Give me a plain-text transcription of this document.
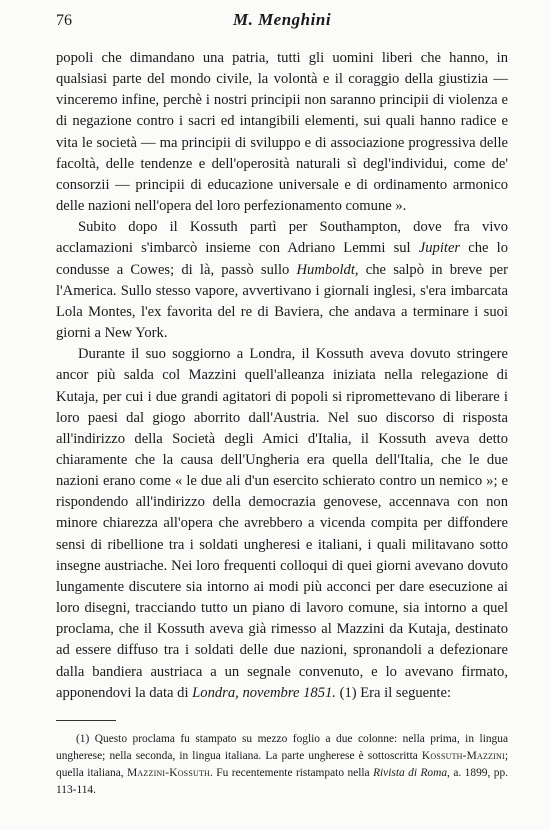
76	M. Menghini

popoli che dimandano una patria, tutti gli uomini liberi che hanno, in qualsiasi parte del mondo civile, la volontà e il coraggio della giustizia — vinceremo infine, perchè i nostri principii non saranno principii di violenza e di negazione contro i sacri ed intangibili elementi, sui quali hanno radice e vita le società — ma principii di sviluppo e di associazione progressiva delle facoltà, delle tendenze e dell'operosità naturali sì degl'individui, come de' consorzii — principii di educazione universale e di ordinamento armonico delle nazioni nell'opera del loro perfezionamento comune ».

Subito dopo il Kossuth partì per Southampton, dove fra vivo acclamazioni s'imbarcò insieme con Adriano Lemmi sul Jupiter che lo condusse a Cowes; di là, passò sullo Humboldt, che salpò in breve per l'America. Sullo stesso vapore, avvertivano i giornali inglesi, s'era imbarcata Lola Montes, l'ex favorita del re di Baviera, che andava a terminare i suoi giorni a New York.

Durante il suo soggiorno a Londra, il Kossuth aveva dovuto stringere ancor più salda col Mazzini quell'alleanza iniziata nella relegazione di Kutaja, per cui i due grandi agitatori di popoli si ripromettevano di liberare i loro paesi dal giogo aborrito dall'Austria. Nel suo discorso di risposta all'indirizzo della Società degli Amici d'Italia, il Kossuth aveva detto chiaramente che la causa dell'Ungheria era quella dell'Italia, che le due nazioni erano come « le due ali d'un esercito schierato contro un nemico »; e rispondendo all'indirizzo della democrazia genovese, accennava con non minore chiarezza all'opera che avrebbero a vicenda compita per diffondere sensi di ribellione tra i soldati ungheresi e italiani, i quali militavano sotto insegne austriache. Nei loro frequenti colloqui di quei giorni avevano dovuto lungamente discutere sia intorno ai modi più acconci per dare esecuzione ai loro disegni, tracciando tutto un piano di lavoro comune, sia intorno a quel proclama, che il Kossuth aveva già rimesso al Mazzini da Kutaja, destinato ad essere diffuso tra i soldati delle due nazioni, spronandoli a defezionare dalla bandiera austriaca a un segnale convenuto, e lo avevano firmato, apponendovi la data di Londra, novembre 1851. (1) Era il seguente:

(1) Questo proclama fu stampato su mezzo foglio a due colonne: nella prima, in lingua ungherese; nella seconda, in lingua italiana. La parte ungherese è sottoscritta Kossuth-Mazzini; quella italiana, Mazzini-Kossuth. Fu recentemente ristampato nella Rivista di Roma, a. 1899, pp. 113-114.
